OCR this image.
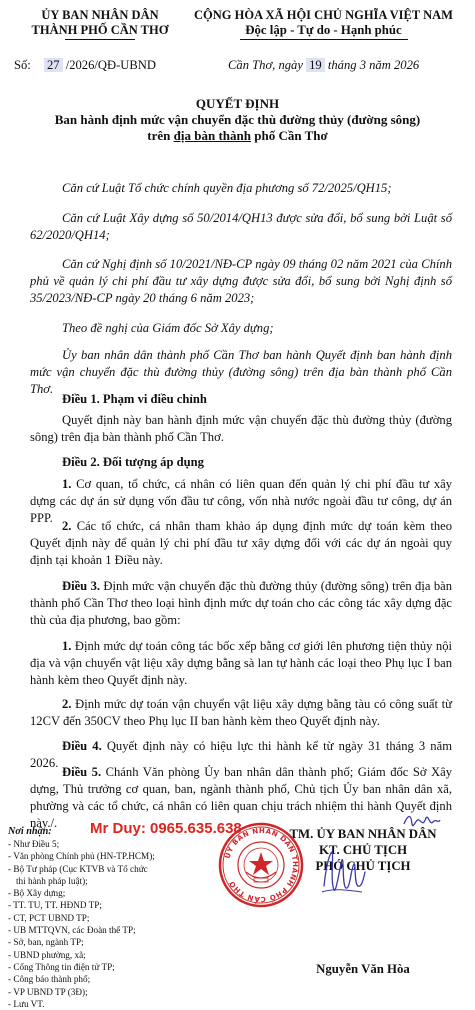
ỦY BAN NHÂN DÂN
THÀNH PHỐ CẦN THƠ
CỘNG HÒA XÃ HỘI CHỦ NGHĨA VIỆT NAM
Độc lập - Tự do - Hạnh phúc
Số: 27 /2026/QĐ-UBND	Cần Thơ, ngày 19 tháng 3 năm 2026
QUYẾT ĐỊNH
Ban hành định mức vận chuyển đặc thù đường thủy (đường sông)
trên địa bàn thành phố Cần Thơ
Căn cứ Luật Tổ chức chính quyền địa phương số 72/2025/QH15;
Căn cứ Luật Xây dựng số 50/2014/QH13 được sửa đổi, bổ sung bởi Luật số 62/2020/QH14;
Căn cứ Nghị định số 10/2021/NĐ-CP ngày 09 tháng 02 năm 2021 của Chính phủ về quản lý chi phí đầu tư xây dựng được sửa đổi, bổ sung bởi Nghị định số 35/2023/NĐ-CP ngày 20 tháng 6 năm 2023;
Theo đề nghị của Giám đốc Sở Xây dựng;
Ủy ban nhân dân thành phố Cần Thơ ban hành Quyết định ban hành định mức vận chuyển đặc thù đường thủy (đường sông) trên địa bàn thành phố Cần Thơ.
Điều 1. Phạm vi điều chỉnh
Quyết định này ban hành định mức vận chuyển đặc thù đường thủy (đường sông) trên địa bàn thành phố Cần Thơ.
Điều 2. Đối tượng áp dụng
1. Cơ quan, tổ chức, cá nhân có liên quan đến quản lý chi phí đầu tư xây dựng các dự án sử dụng vốn đầu tư công, vốn nhà nước ngoài đầu tư công, dự án PPP.
2. Các tổ chức, cá nhân tham khảo áp dụng định mức dự toán kèm theo Quyết định này để quản lý chi phí đầu tư xây dựng đối với các dự án ngoài quy định tại khoản 1 Điều này.
Điều 3. Định mức vận chuyển đặc thù đường thủy (đường sông) trên địa bàn thành phố Cần Thơ theo loại hình định mức dự toán cho các công tác xây dựng đặc thù của địa phương, bao gồm:
1. Định mức dự toán công tác bốc xếp bằng cơ giới lên phương tiện thủy nội địa và vận chuyển vật liệu xây dựng bằng sà lan tự hành các loại theo Phụ lục I ban hành kèm theo Quyết định này.
2. Định mức dự toán vận chuyển vật liệu xây dựng bằng tàu có công suất từ 12CV đến 350CV theo Phụ lục II ban hành kèm theo Quyết định này.
Điều 4. Quyết định này có hiệu lực thi hành kể từ ngày 31 tháng 3 năm 2026.
Điều 5. Chánh Văn phòng Ủy ban nhân dân thành phố; Giám đốc Sở Xây dựng, Thủ trưởng cơ quan, ban, ngành thành phố, Chủ tịch Ủy ban nhân dân xã, phường và các tổ chức, cá nhân có liên quan chịu trách nhiệm thi hành Quyết định này./.
Nơi nhận:
- Như Điều 5;
- Văn phòng Chính phủ (HN-TP.HCM);
- Bộ Tư pháp (Cục KTVB và Tổ chức
thi hành pháp luật);
- Bộ Xây dựng;
- TT. TU, TT. HĐND TP;
- CT, PCT UBND TP;
- UB MTTQVN, các Đoàn thể TP;
- Sở, ban, ngành TP;
- UBND phường, xã;
- Cổng Thông tin điện tử TP;
- Công báo thành phố;
- VP UBND TP (3Đ);
- Lưu VT.
Mr Duy: 0965.635.638	TM. ỦY BAN NHÂN DÂN
KT. CHỦ TỊCH
PHÓ CHỦ TỊCH
ỦY BAN NHÂN DÂN THÀNH PHỐ CẦN THƠ
Nguyễn Văn Hòa
